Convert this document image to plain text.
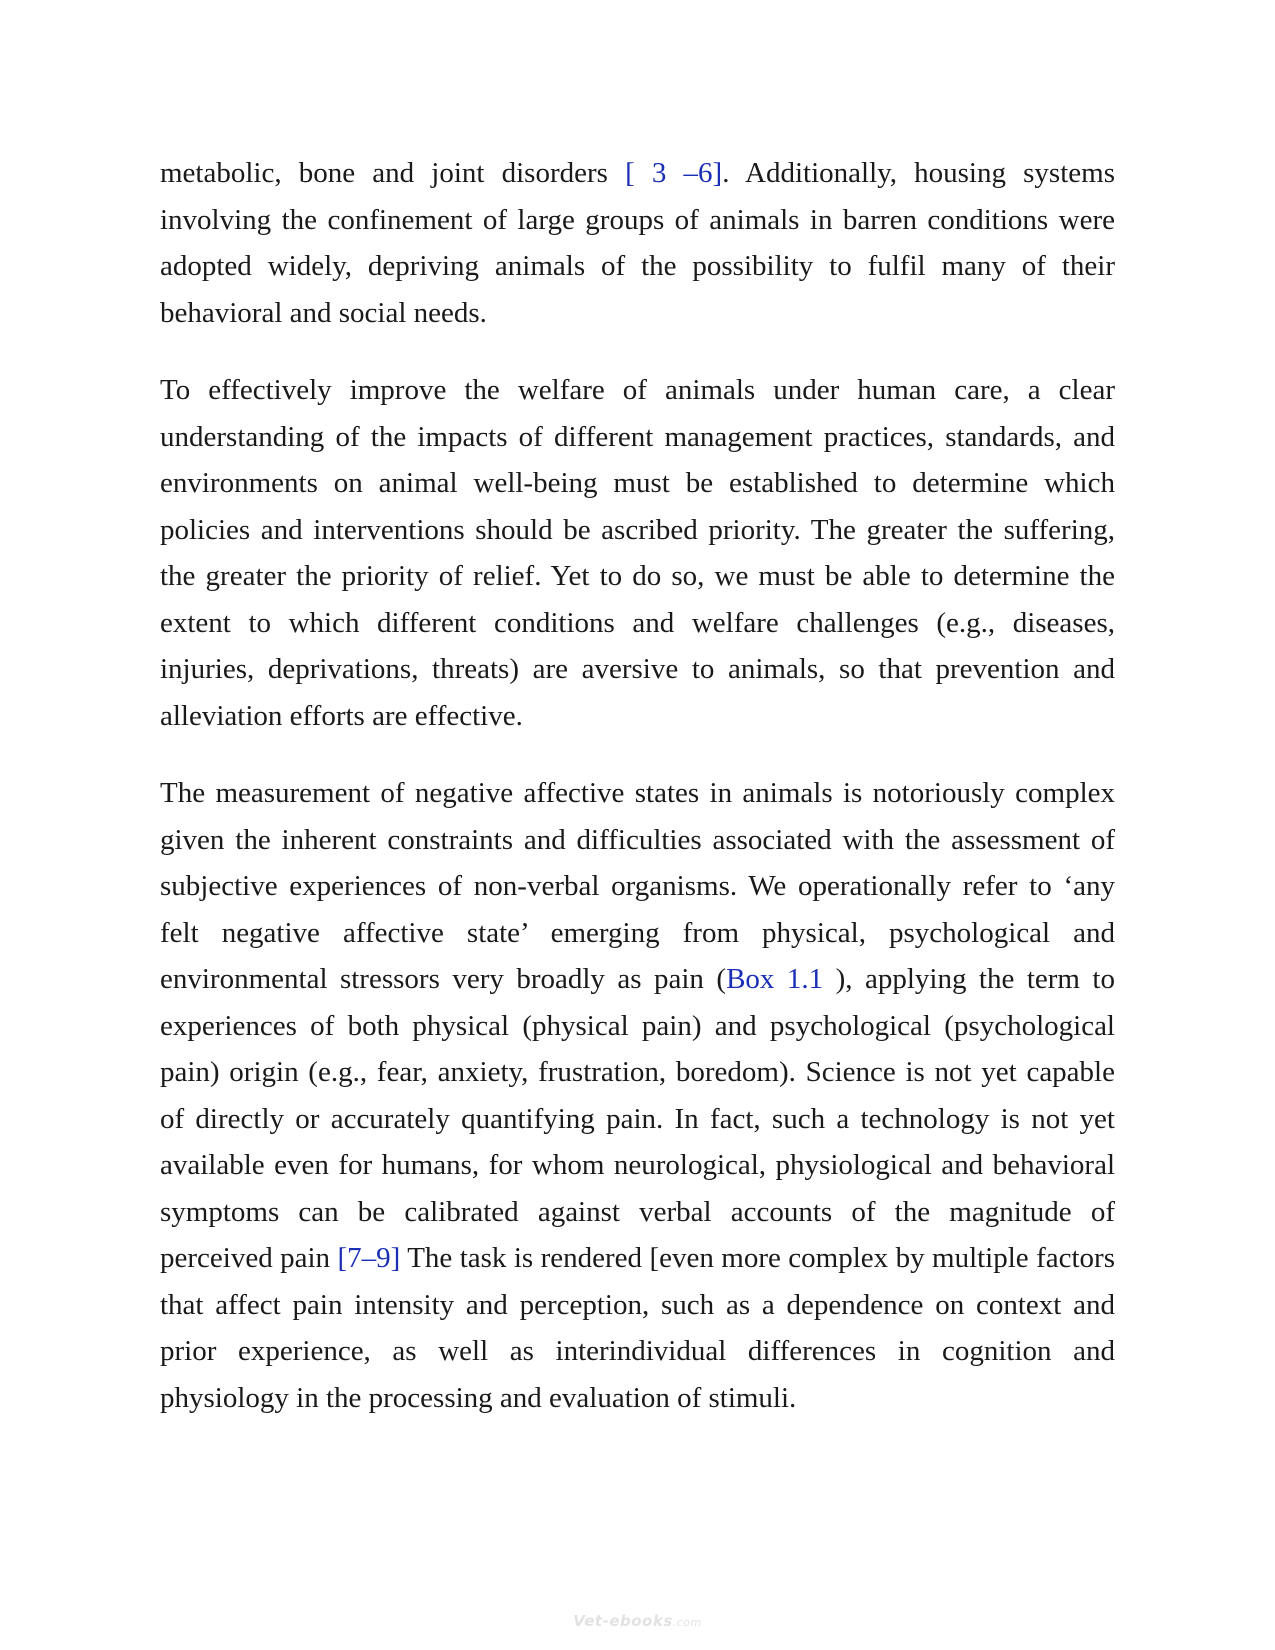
metabolic, bone and joint disorders [ 3 –6]. Additionally, housing systems involving the confinement of large groups of animals in barren conditions were adopted widely, depriving animals of the possibility to fulfil many of their behavioral and social needs.

To effectively improve the welfare of animals under human care, a clear understanding of the impacts of different management practices, standards, and environments on animal well-being must be established to determine which policies and interventions should be ascribed priority. The greater the suffering, the greater the priority of relief. Yet to do so, we must be able to determine the extent to which different conditions and welfare challenges (e.g., diseases, injuries, deprivations, threats) are aversive to animals, so that prevention and alleviation efforts are effective.

The measurement of negative affective states in animals is notoriously complex given the inherent constraints and difficulties associated with the assessment of subjective experiences of non-verbal organisms. We operationally refer to ‘any felt negative affective state’ emerging from physical, psychological and environmental stressors very broadly as pain (Box 1.1 ), applying the term to experiences of both physical (physical pain) and psychological (psychological pain) origin (e.g., fear, anxiety, frustration, boredom). Science is not yet capable of directly or accurately quantifying pain. In fact, such a technology is not yet available even for humans, for whom neurological, physiological and behavioral symptoms can be calibrated against verbal accounts of the magnitude of perceived pain [7–9] The task is rendered [even more complex by multiple factors that affect pain intensity and perception, such as a dependence on context and prior experience, as well as interindividual differences in cognition and physiology in the processing and evaluation of stimuli.

Vet-ebooks.com
